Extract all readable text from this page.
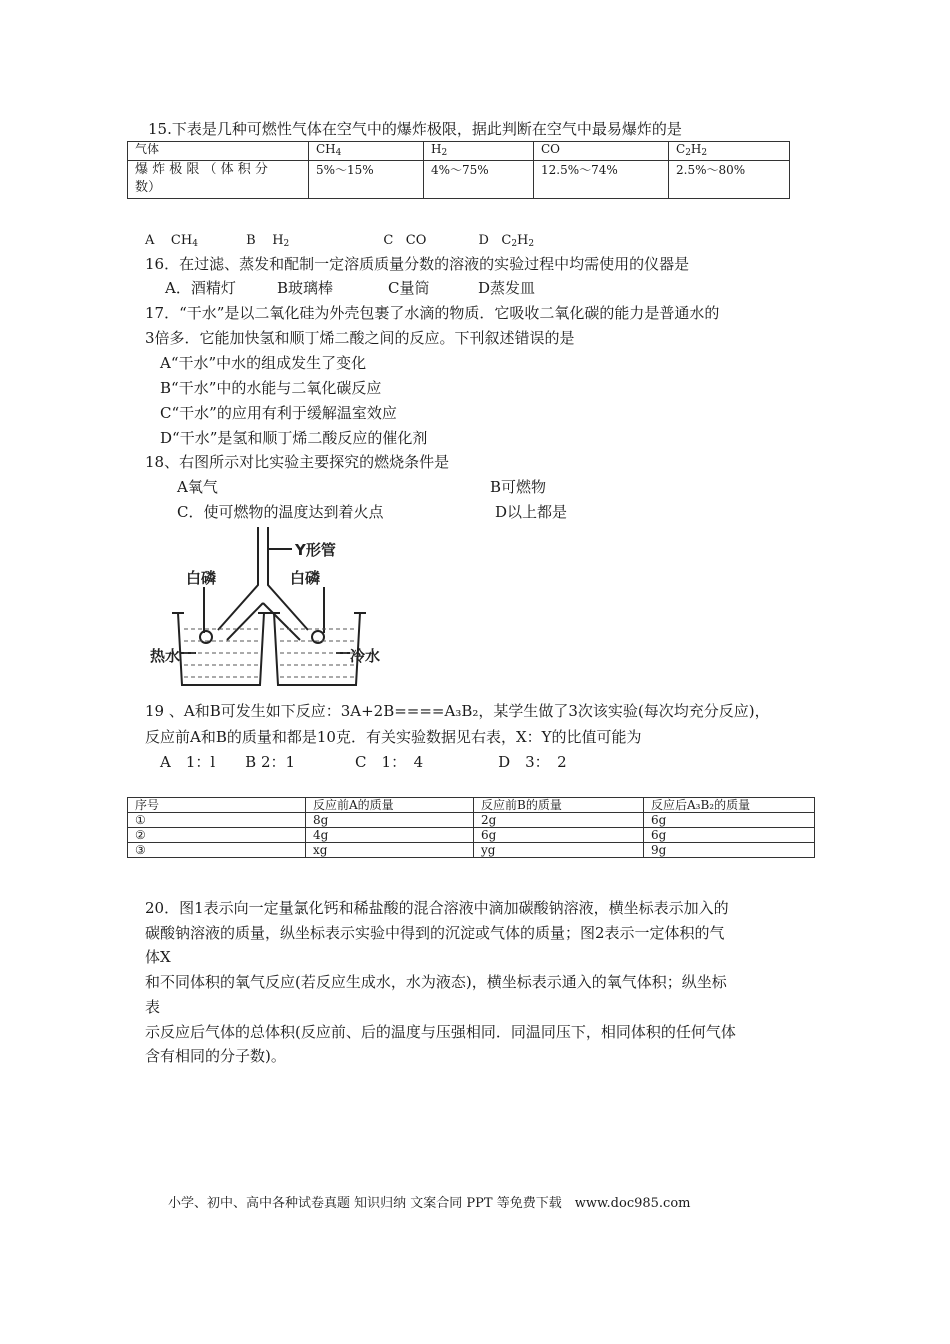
15.下表是几种可燃性气体在空气中的爆炸极限，据此判断在空气中最易爆炸的是
气体	$CH_4$	$H_2$	CO	$C_2H_2$

爆 炸 极 限 （ 体 积 分
数）	5%～15%	4%～75%	12.5%～74%	2.5%～80%
A $CH_4$	B $H_2$	C CO	D $C_2H_2$
16．在过滤、蒸发和配制一定溶质质量分数的溶液的实验过程中均需使用的仪器是
A．酒精灯	B玻璃棒	C量筒	D蒸发皿
17．“干水”是以二氧化硅为外壳包裹了水滴的物质．它吸收二氧化碳的能力是普通水的
3倍多．它能加快氢和顺丁烯二酸之间的反应。下刊叙述错误的是
A“干水”中水的组成发生了变化
B“干水”中的水能与二氧化碳反应
C“干水”的应用有利于缓解温室效应
D“干水”是氢和顺丁烯二酸反应的催化剂
18、右图所示对比实验主要探究的燃烧条件是
A氧气	B可燃物
C．使可燃物的温度达到着火点	D以上都是
Y形管
白磷	白磷
热水	冷水
19 、A和B可发生如下反应：3A+2B====A₃B₂，某学生做了3次该实验(每次均充分反应)，
反应前A和B的质量和都是10克．有关实验数据见右表，X：Y的比值可能为
A　1：l　　B 2：1　　　　C　1：　4　　　　　D　3：　2
序号	反应前A的质量	反应前B的质量	反应后A₃B₂的质量
①	8g	2g	6g
②	4g	6g	6g
③	xg	yg	9g
20．图1表示向一定量氯化钙和稀盐酸的混合溶液中滴加碳酸钠溶液，横坐标表示加入的
碳酸钠溶液的质量，纵坐标表示实验中得到的沉淀或气体的质量；图2表示一定体积的气
体X
和不同体积的氧气反应(若反应生成水，水为液态)，横坐标表示通入的氧气体积；纵坐标
表
示反应后气体的总体积(反应前、后的温度与压强相同．同温同压下，相同体积的任何气体
含有相同的分子数)。
小学、初中、高中各种试卷真题 知识归纳 文案合同 PPT 等免费下载　www.doc985.com
